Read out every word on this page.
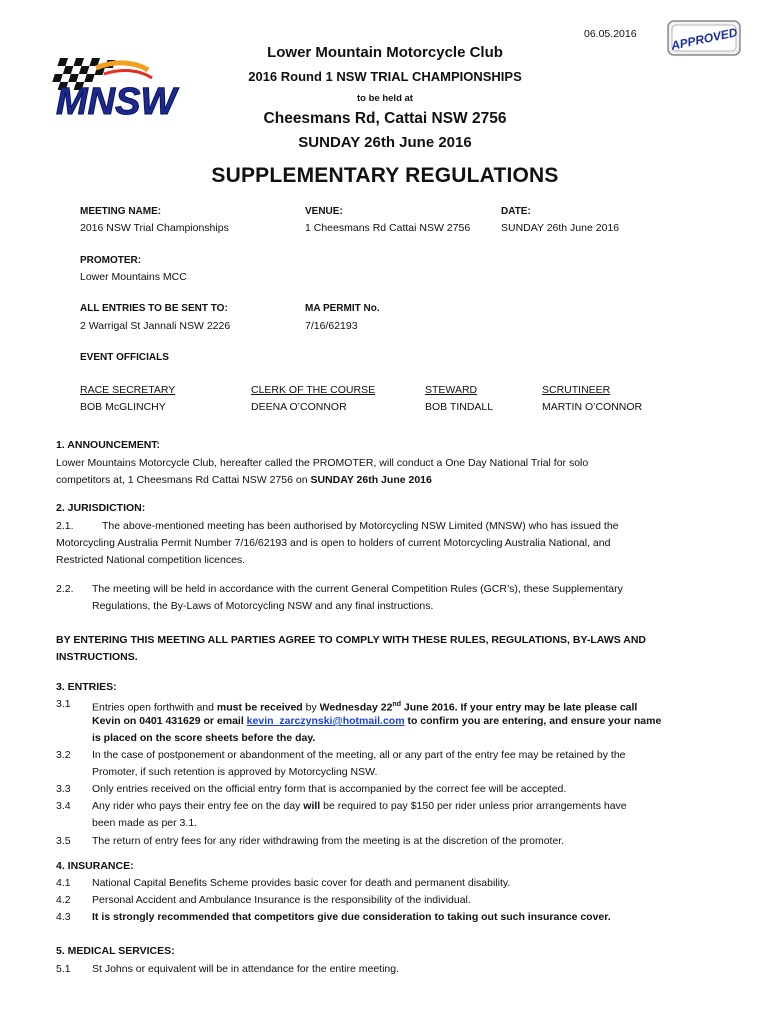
06.05.2016	APPROVED
MNSW
Lower Mountain Motorcycle Club
2016 Round 1 NSW TRIAL CHAMPIONSHIPS
to be held at
Cheesmans Rd, Cattai NSW 2756
SUNDAY 26th June 2016
SUPPLEMENTARY REGULATIONS
MEETING NAME:
2016 NSW Trial Championships
VENUE:
1 Cheesmans Rd Cattai NSW 2756
DATE:
SUNDAY 26th June 2016
PROMOTER:
Lower Mountains MCC
ALL ENTRIES TO BE SENT TO:
2 Warrigal St Jannali NSW 2226
MA PERMIT No.
7/16/62193
EVENT OFFICIALS
RACE SECRETARY
BOB McGLINCHY
CLERK OF THE COURSE
DEENA O’CONNOR
STEWARD
BOB TINDALL
SCRUTINEER
MARTIN O’CONNOR
1. ANNOUNCEMENT:
Lower Mountains Motorcycle Club, hereafter called the PROMOTER, will conduct a One Day National Trial for solo
competitors at, 1 Cheesmans Rd Cattai NSW 2756 on SUNDAY 26th June 2016
2. JURISDICTION:
2.1.	The above-mentioned meeting has been authorised by Motorcycling NSW Limited (MNSW) who has issued the
Motorcycling Australia Permit Number 7/16/62193 and is open to holders of current Motorcycling Australia National, and
Restricted National competition licences.
2.2. The meeting will be held in accordance with the current General Competition Rules (GCR’s), these Supplementary
Regulations, the By-Laws of Motorcycling NSW and any final instructions.
BY ENTERING THIS MEETING ALL PARTIES AGREE TO COMPLY WITH THESE RULES, REGULATIONS, BY-LAWS AND
INSTRUCTIONS.
3. ENTRIES:
3.1 Entries open forthwith and must be received by Wednesday 22nd June 2016. If your entry may be late please call
Kevin on 0401 431629 or email kevin_zarczynski@hotmail.com to confirm you are entering, and ensure your name
is placed on the score sheets before the day.
3.2 In the case of postponement or abandonment of the meeting, all or any part of the entry fee may be retained by the
Promoter, if such retention is approved by Motorcycling NSW.
3.3 Only entries received on the official entry form that is accompanied by the correct fee will be accepted.
3.4 Any rider who pays their entry fee on the day will be required to pay $150 per rider unless prior arrangements have
been made as per 3.1.
3.5 The return of entry fees for any rider withdrawing from the meeting is at the discretion of the promoter.
4. INSURANCE:
4.1 National Capital Benefits Scheme provides basic cover for death and permanent disability.
4.2 Personal Accident and Ambulance Insurance is the responsibility of the individual.
4.3 It is strongly recommended that competitors give due consideration to taking out such insurance cover.
5. MEDICAL SERVICES:
5.1 St Johns or equivalent will be in attendance for the entire meeting.
